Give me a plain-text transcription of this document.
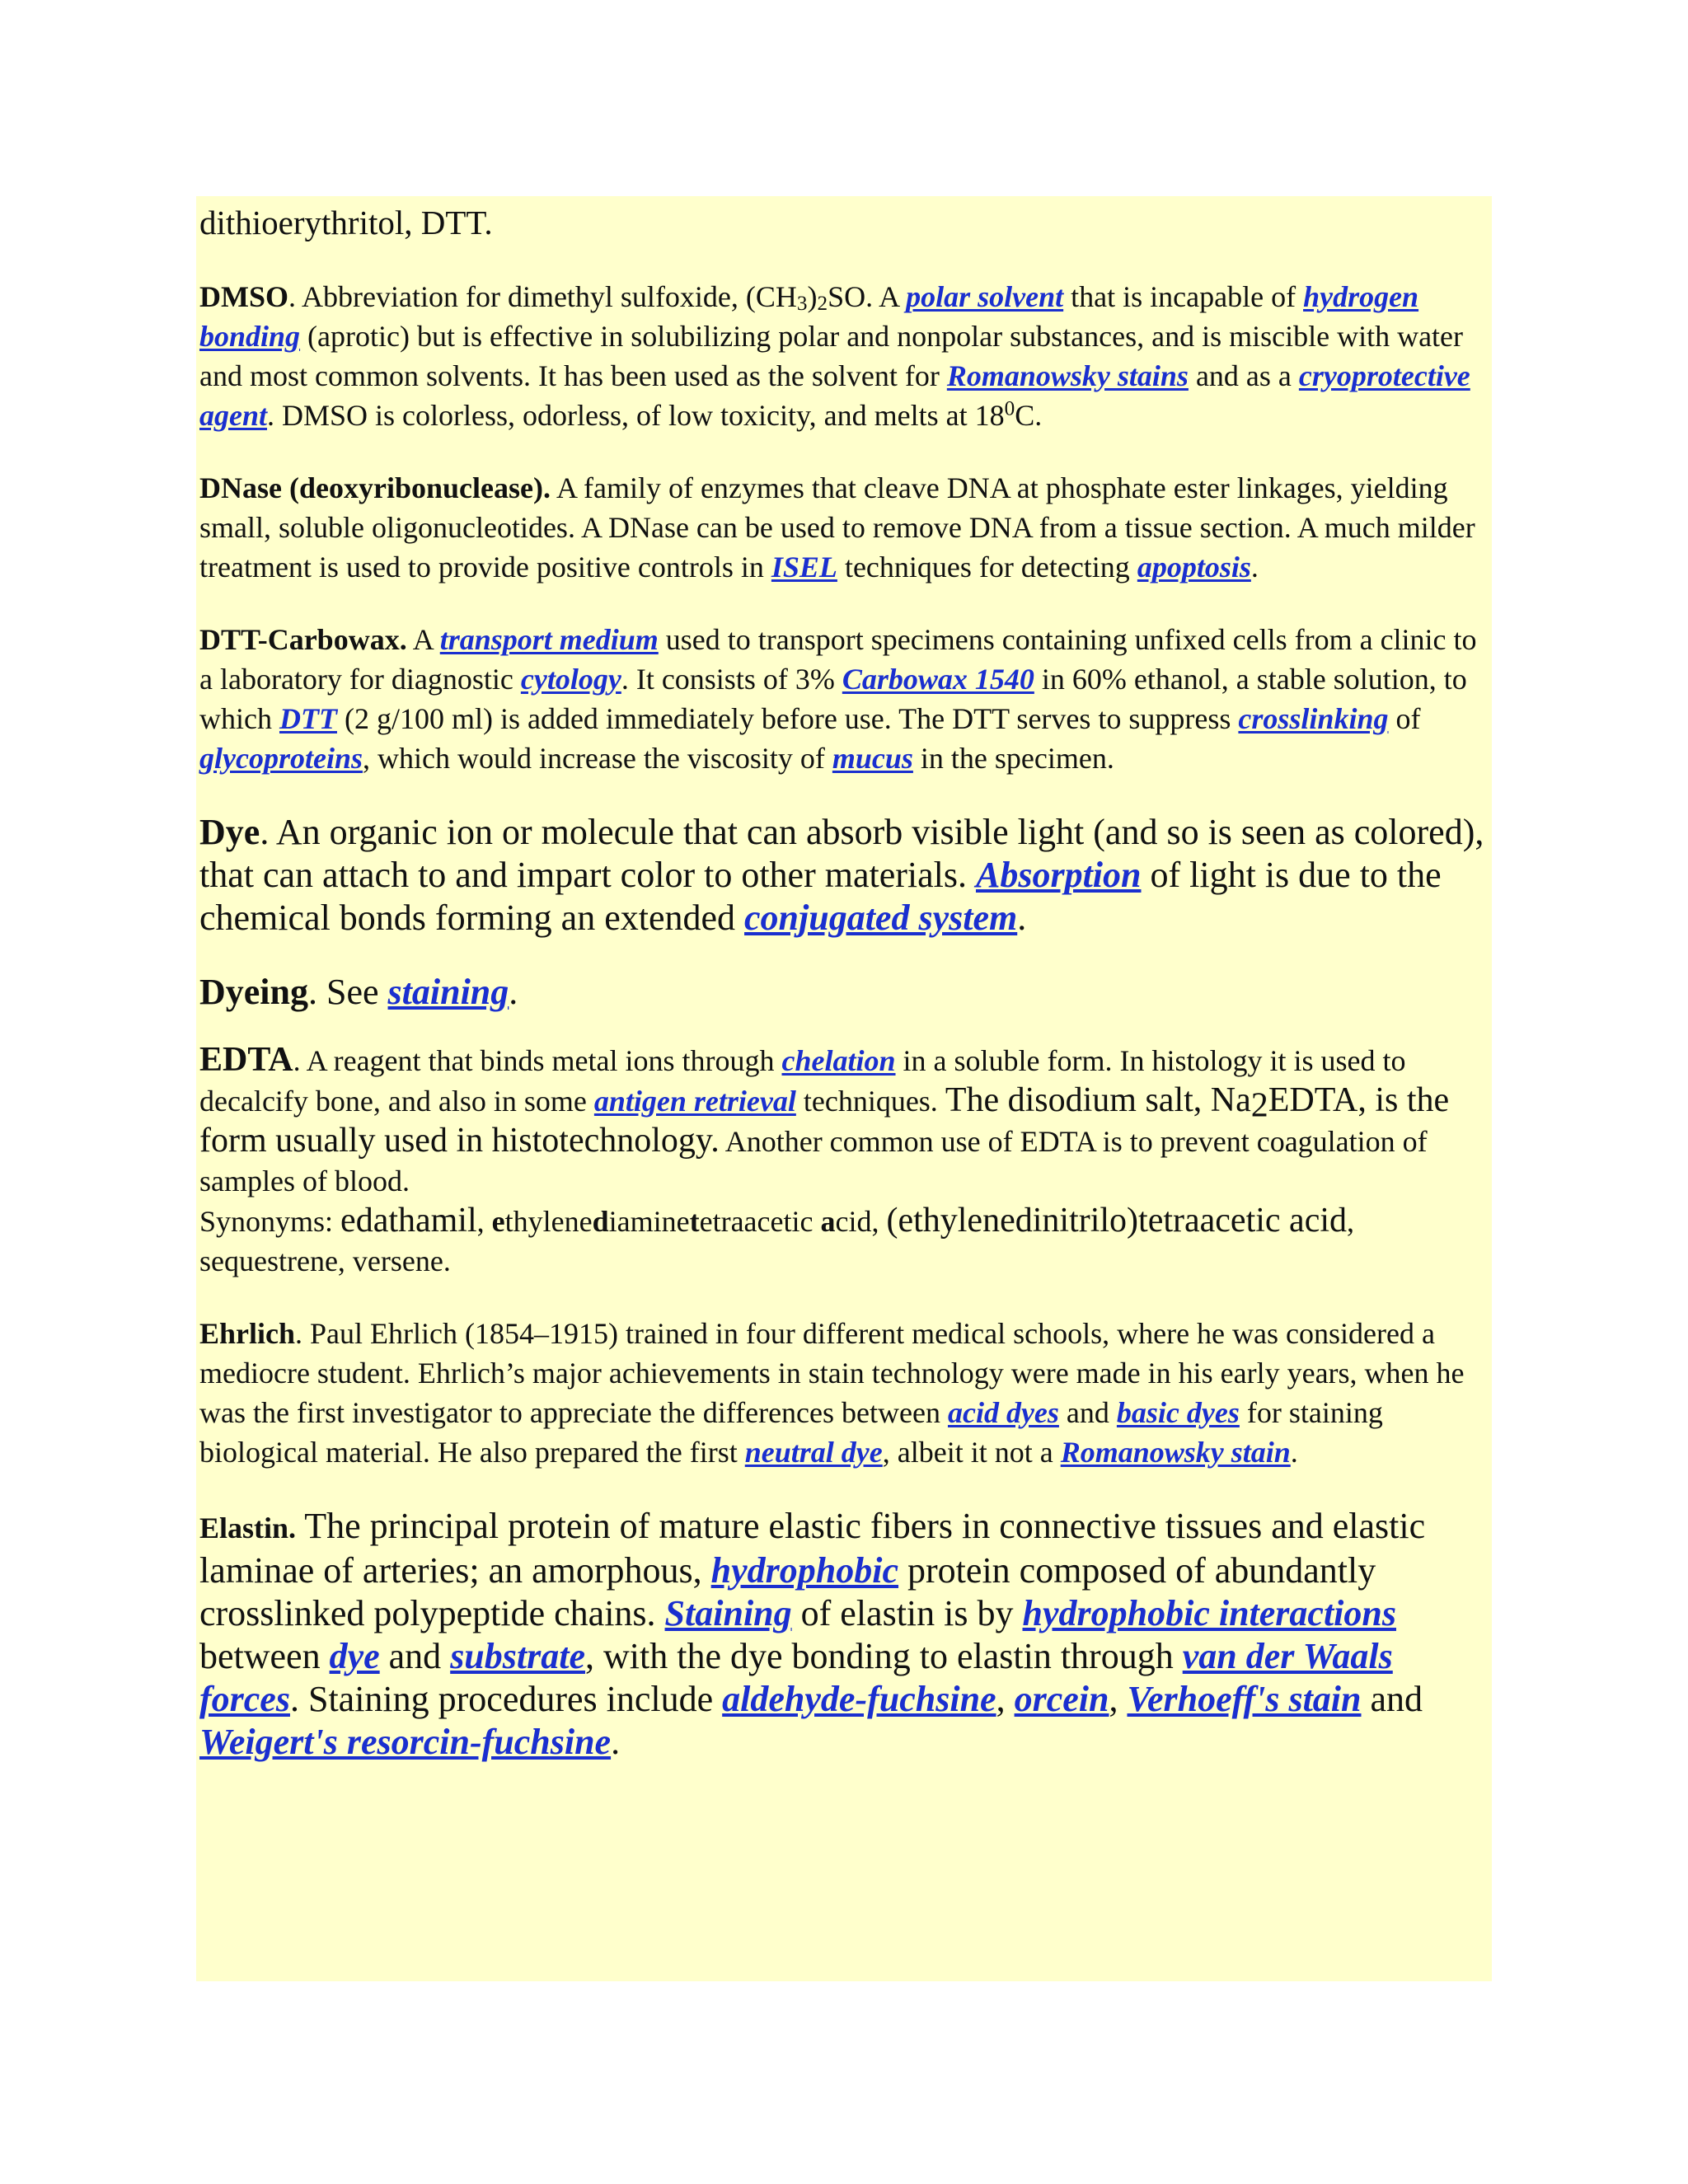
dithioerythritol, DTT.

DMSO. Abbreviation for dimethyl sulfoxide, $(CH_3)_2SO$. A polar solvent that is incapable of hydrogen bonding (aprotic) but is effective in solubilizing polar and nonpolar substances, and is miscible with water and most common solvents. It has been used as the solvent for Romanowsky stains and as a cryoprotective agent. DMSO is colorless, odorless, of low toxicity, and melts at $18^0C$.

DNase (deoxyribonuclease). A family of enzymes that cleave DNA at phosphate ester linkages, yielding small, soluble oligonucleotides. A DNase can be used to remove DNA from a tissue section. A much milder treatment is used to provide positive controls in ISEL techniques for detecting apoptosis.

DTT-Carbowax. A transport medium used to transport specimens containing unfixed cells from a clinic to a laboratory for diagnostic cytology. It consists of 3% Carbowax 1540 in 60% ethanol, a stable solution, to which DTT (2 g/100 ml) is added immediately before use. The DTT serves to suppress crosslinking of glycoproteins, which would increase the viscosity of mucus in the specimen.

Dye. An organic ion or molecule that can absorb visible light (and so is seen as colored), that can attach to and impart color to other materials. Absorption of light is due to the chemical bonds forming an extended conjugated system.

Dyeing. See staining.

EDTA. A reagent that binds metal ions through chelation in a soluble form. In histology it is used to decalcify bone, and also in some antigen retrieval techniques. The disodium salt, $Na_2EDTA$, is the form usually used in histotechnology. Another common use of EDTA is to prevent coagulation of samples of blood.
Synonyms: edathamil, ethylenediaminetetraacetic acid, (ethylenedinitrilo)tetraacetic acid, sequestrene, versene.

Ehrlich. Paul Ehrlich (1854–1915) trained in four different medical schools, where he was considered a mediocre student. Ehrlich’s major achievements in stain technology were made in his early years, when he was the first investigator to appreciate the differences between acid dyes and basic dyes for staining biological material. He also prepared the first neutral dye, albeit it not a Romanowsky stain.

Elastin. The principal protein of mature elastic fibers in connective tissues and elastic laminae of arteries; an amorphous, hydrophobic protein composed of abundantly crosslinked polypeptide chains. Staining of elastin is by hydrophobic interactions between dye and substrate, with the dye bonding to elastin through van der Waals forces. Staining procedures include aldehyde-fuchsine, orcein, Verhoeff's stain and Weigert's resorcin-fuchsine.
